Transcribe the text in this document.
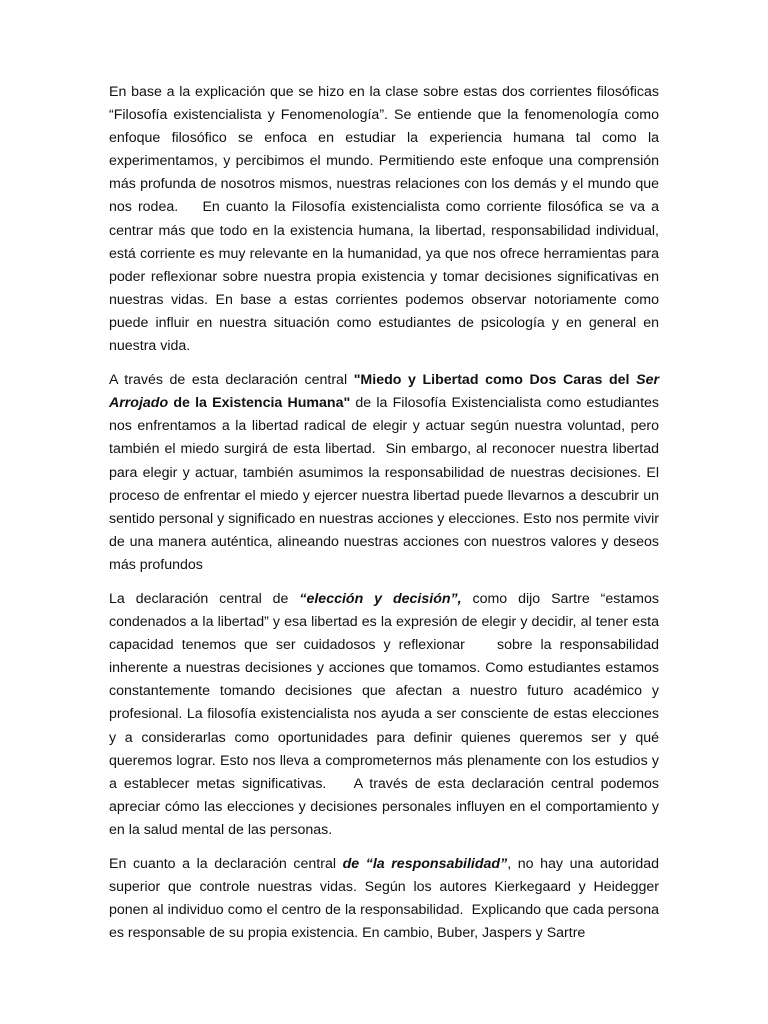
En base a la explicación que se hizo en la clase sobre estas dos corrientes filosóficas “Filosofía existencialista y Fenomenología”. Se entiende que la fenomenología como enfoque filosófico se enfoca en estudiar la experiencia humana tal como la experimentamos, y percibimos el mundo. Permitiendo este enfoque una comprensión más profunda de nosotros mismos, nuestras relaciones con los demás y el mundo que nos rodea.    En cuanto la Filosofía existencialista como corriente filosófica se va a centrar más que todo en la existencia humana, la libertad, responsabilidad individual, está corriente es muy relevante en la humanidad, ya que nos ofrece herramientas para poder reflexionar sobre nuestra propia existencia y tomar decisiones significativas en nuestras vidas. En base a estas corrientes podemos observar notoriamente como puede influir en nuestra situación como estudiantes de psicología y en general en nuestra vida.

A través de esta declaración central "Miedo y Libertad como Dos Caras del Ser Arrojado de la Existencia Humana" de la Filosofía Existencialista como estudiantes nos enfrentamos a la libertad radical de elegir y actuar según nuestra voluntad, pero también el miedo surgirá de esta libertad.  Sin embargo, al reconocer nuestra libertad para elegir y actuar, también asumimos la responsabilidad de nuestras decisiones. El proceso de enfrentar el miedo y ejercer nuestra libertad puede llevarnos a descubrir un sentido personal y significado en nuestras acciones y elecciones. Esto nos permite vivir de una manera auténtica, alineando nuestras acciones con nuestros valores y deseos más profundos

La declaración central de “elección y decisión”, como dijo Sartre “estamos condenados a la libertad” y esa libertad es la expresión de elegir y decidir, al tener esta capacidad tenemos que ser cuidadosos y reflexionar    sobre la responsabilidad inherente a nuestras decisiones y acciones que tomamos. Como estudiantes estamos constantemente tomando decisiones que afectan a nuestro futuro académico y profesional. La filosofía existencialista nos ayuda a ser consciente de estas elecciones y a considerarlas como oportunidades para definir quienes queremos ser y qué queremos lograr. Esto nos lleva a comprometernos más plenamente con los estudios y a establecer metas significativas.    A través de esta declaración central podemos apreciar cómo las elecciones y decisiones personales influyen en el comportamiento y en la salud mental de las personas.

En cuanto a la declaración central de “la responsabilidad”, no hay una autoridad superior que controle nuestras vidas. Según los autores Kierkegaard y Heidegger ponen al individuo como el centro de la responsabilidad.  Explicando que cada persona es responsable de su propia existencia. En cambio, Buber, Jaspers y Sartre
